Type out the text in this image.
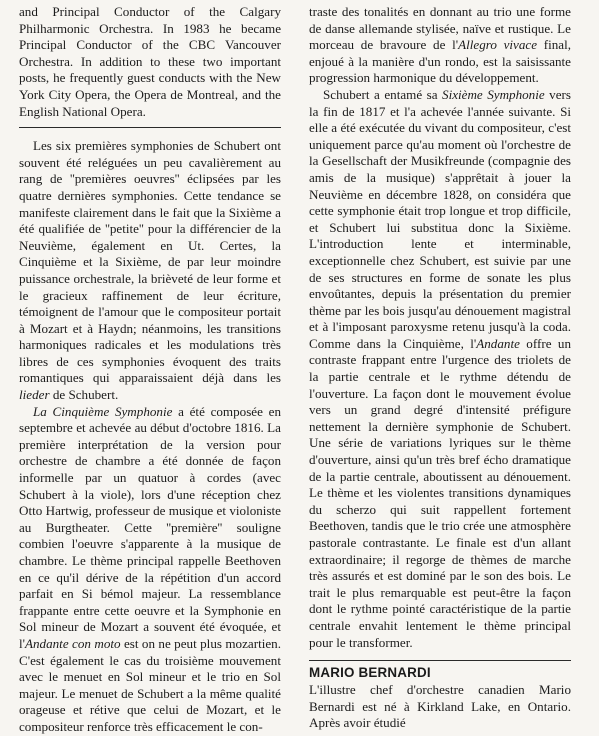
and Principal Conductor of the Calgary Philharmonic Orchestra. In 1983 he became Principal Conductor of the CBC Vancouver Orchestra. In addition to these two important posts, he frequently guest conducts with the New York City Opera, the Opera de Montreal, and the English National Opera.

Les six premières symphonies de Schubert ont souvent été reléguées un peu cavalièrement au rang de ''premières oeuvres'' éclipsées par les quatre dernières symphonies. Cette tendance se manifeste clairement dans le fait que la Sixième a été qualifiée de ''petite'' pour la différencier de la Neuvième, également en Ut. Certes, la Cinquième et la Sixième, de par leur moindre puissance orchestrale, la brièveté de leur forme et le gracieux raffinement de leur écriture, témoignent de l'amour que le compositeur portait à Mozart et à Haydn; néanmoins, les transitions harmoniques radicales et les modulations très libres de ces symphonies évoquent des traits romantiques qui apparaissaient déjà dans les lieder de Schubert.

La Cinquième Symphonie a été composée en septembre et achevée au début d'octobre 1816. La première interprétation de la version pour orchestre de chambre a été donnée de façon informelle par un quatuor à cordes (avec Schubert à la viole), lors d'une réception chez Otto Hartwig, professeur de musique et violoniste au Burgtheater. Cette ''première'' souligne combien l'oeuvre s'apparente à la musique de chambre. Le thème principal rappelle Beethoven en ce qu'il dérive de la répétition d'un accord parfait en Si bémol majeur. La ressemblance frappante entre cette oeuvre et la Symphonie en Sol mineur de Mozart a souvent été évoquée, et l'Andante con moto est on ne peut plus mozartien. C'est également le cas du troisième mouvement avec le menuet en Sol mineur et le trio en Sol majeur. Le menuet de Schubert a la même qualité orageuse et rétive que celui de Mozart, et le compositeur renforce très efficacement le con-

traste des tonalités en donnant au trio une forme de danse allemande stylisée, naïve et rustique. Le morceau de bravoure de l'Allegro vivace final, enjoué à la manière d'un rondo, est la saisissante progression harmonique du développement.

Schubert a entamé sa Sixième Symphonie vers la fin de 1817 et l'a achevée l'année suivante. Si elle a été exécutée du vivant du compositeur, c'est uniquement parce qu'au moment où l'orchestre de la Gesellschaft der Musikfreunde (compagnie des amis de la musique) s'apprêtait à jouer la Neuvième en décembre 1828, on considéra que cette symphonie était trop longue et trop difficile, et Schubert lui substitua donc la Sixième. L'introduction lente et interminable, exceptionnelle chez Schubert, est suivie par une de ses structures en forme de sonate les plus envoûtantes, depuis la présentation du premier thème par les bois jusqu'au dénouement magistral et à l'imposant paroxysme retenu jusqu'à la coda. Comme dans la Cinquième, l'Andante offre un contraste frappant entre l'urgence des triolets de la partie centrale et le rythme détendu de l'ouverture. La façon dont le mouvement évolue vers un grand degré d'intensité préfigure nettement la dernière symphonie de Schubert. Une série de variations lyriques sur le thème d'ouverture, ainsi qu'un très bref écho dramatique de la partie centrale, aboutissent au dénouement. Le thème et les violentes transitions dynamiques du scherzo qui suit rappellent fortement Beethoven, tandis que le trio crée une atmosphère pastorale contrastante. Le finale est d'un allant extraordinaire; il regorge de thèmes de marche très assurés et est dominé par le son des bois. Le trait le plus remarquable est peut-être la façon dont le rythme pointé caractéristique de la partie centrale envahit lentement le thème principal pour le transformer.

MARIO BERNARDI

L'illustre chef d'orchestre canadien Mario Bernardi est né à Kirkland Lake, en Ontario. Après avoir étudié
